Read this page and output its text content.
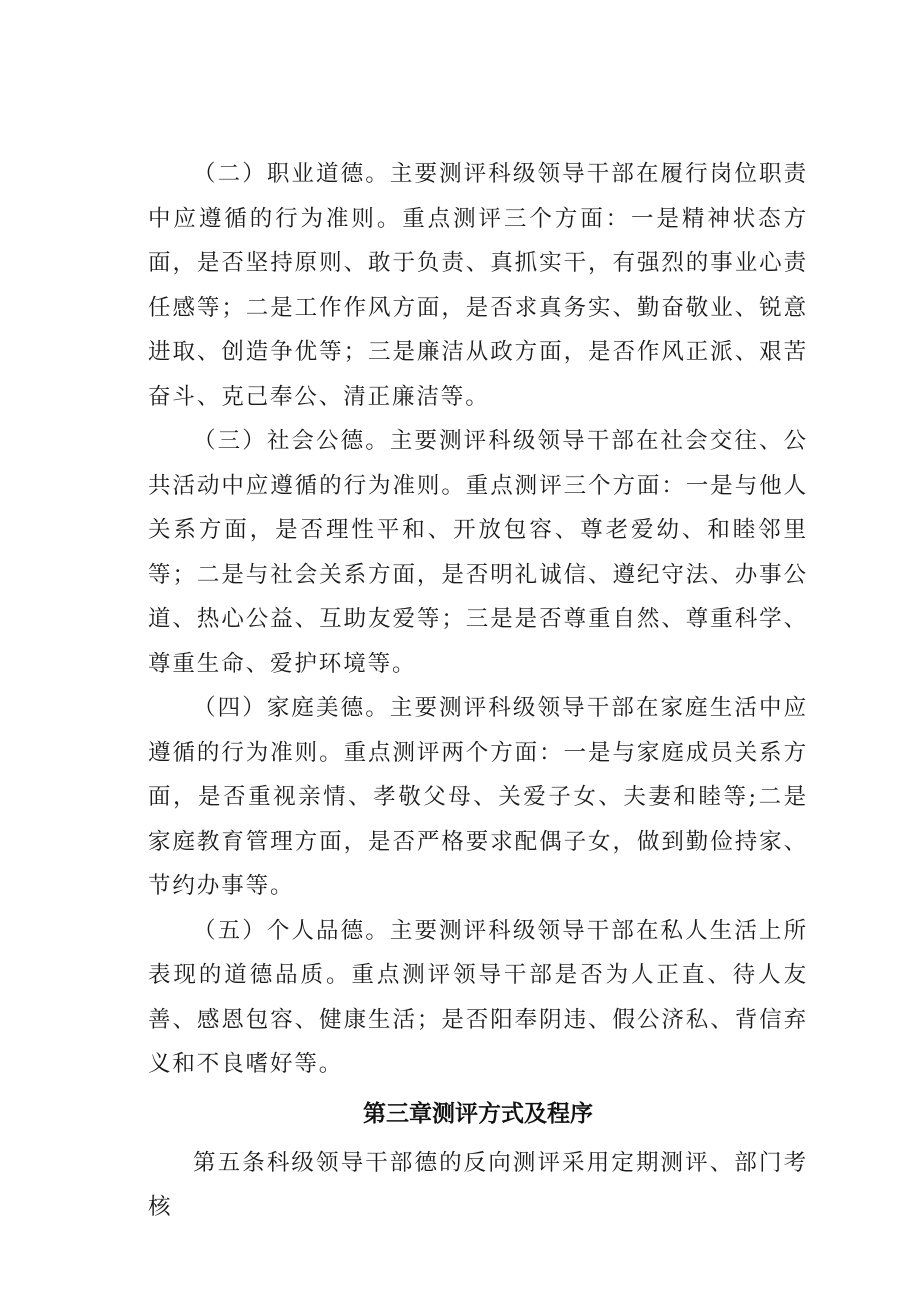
（二）职业道德。主要测评科级领导干部在履行岗位职责中应遵循的行为准则。重点测评三个方面：一是精神状态方面，是否坚持原则、敢于负责、真抓实干，有强烈的事业心责任感等；二是工作作风方面，是否求真务实、勤奋敬业、锐意进取、创造争优等；三是廉洁从政方面，是否作风正派、艰苦奋斗、克己奉公、清正廉洁等。

（三）社会公德。主要测评科级领导干部在社会交往、公共活动中应遵循的行为准则。重点测评三个方面：一是与他人关系方面，是否理性平和、开放包容、尊老爱幼、和睦邻里等；二是与社会关系方面，是否明礼诚信、遵纪守法、办事公道、热心公益、互助友爱等；三是是否尊重自然、尊重科学、尊重生命、爱护环境等。

（四）家庭美德。主要测评科级领导干部在家庭生活中应遵循的行为准则。重点测评两个方面：一是与家庭成员关系方面，是否重视亲情、孝敬父母、关爱子女、夫妻和睦等;二是家庭教育管理方面，是否严格要求配偶子女，做到勤俭持家、节约办事等。

（五）个人品德。主要测评科级领导干部在私人生活上所表现的道德品质。重点测评领导干部是否为人正直、待人友善、感恩包容、健康生活；是否阳奉阴违、假公济私、背信弃义和不良嗜好等。

第三章测评方式及程序

第五条科级领导干部德的反向测评采用定期测评、部门考核
